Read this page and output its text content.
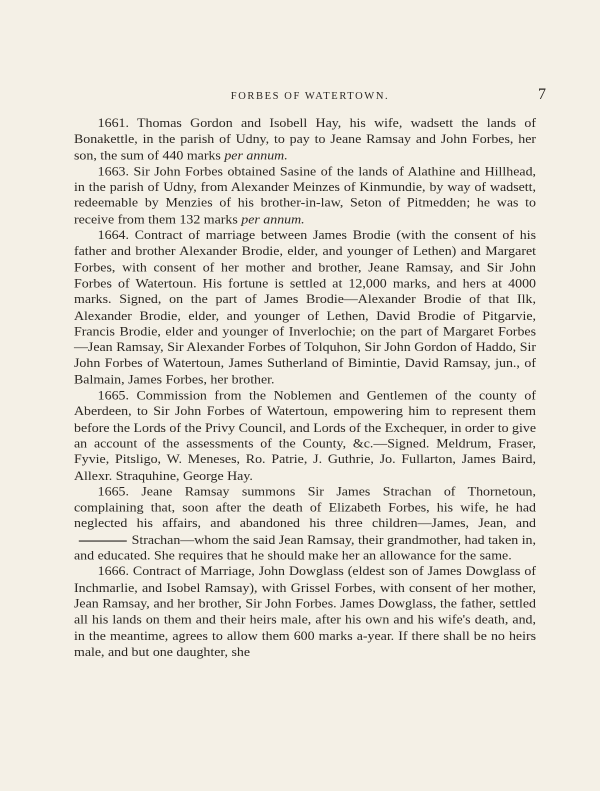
FORBES OF WATERTOWN.	7

1661. Thomas Gordon and Isobell Hay, his wife, wadsett the lands of Bonakettle, in the parish of Udny, to pay to Jeane Ramsay and John Forbes, her son, the sum of 440 marks per annum.

1663. Sir John Forbes obtained Sasine of the lands of Alathine and Hillhead, in the parish of Udny, from Alexander Meinzes of Kinmundie, by way of wadsett, redeemable by Menzies of his brother-in-law, Seton of Pitmedden; he was to receive from them 132 marks per annum.

1664. Contract of marriage between James Brodie (with the consent of his father and brother Alexander Brodie, elder, and younger of Lethen) and Margaret Forbes, with consent of her mother and brother, Jeane Ramsay, and Sir John Forbes of Watertoun. His fortune is settled at 12,000 marks, and hers at 4000 marks. Signed, on the part of James Brodie—Alexander Brodie of that Ilk, Alexander Brodie, elder, and younger of Lethen, David Brodie of Pitgarvie, Francis Brodie, elder and younger of Inverlochie; on the part of Margaret Forbes—Jean Ramsay, Sir Alexander Forbes of Tolquhon, Sir John Gordon of Haddo, Sir John Forbes of Watertoun, James Sutherland of Bimintie, David Ramsay, jun., of Balmain, James Forbes, her brother.

1665. Commission from the Noblemen and Gentlemen of the county of Aberdeen, to Sir John Forbes of Watertoun, empowering him to represent them before the Lords of the Privy Council, and Lords of the Exchequer, in order to give an account of the assessments of the County, &c.—Signed. Meldrum, Fraser, Fyvie, Pitsligo, W. Meneses, Ro. Patrie, J. Guthrie, Jo. Fullarton, James Baird, Allexr. Straquhine, George Hay.

1665. Jeane Ramsay summons Sir James Strachan of Thornetoun, complaining that, soon after the death of Elizabeth Forbes, his wife, he had neglected his affairs, and abandoned his three children—James, Jean, andStrachan—whom the said Jean Ramsay, their grandmother, had taken in, and educated. She requires that he should make her an allowance for the same.

1666. Contract of Marriage, John Dowglass (eldest son of James Dowglass of Inchmarlie, and Isobel Ramsay), with Grissel Forbes, with consent of her mother, Jean Ramsay, and her brother, Sir John Forbes. James Dowglass, the father, settled all his lands on them and their heirs male, after his own and his wife's death, and, in the meantime, agrees to allow them 600 marks a-year. If there shall be no heirs male, and but one daughter, she
